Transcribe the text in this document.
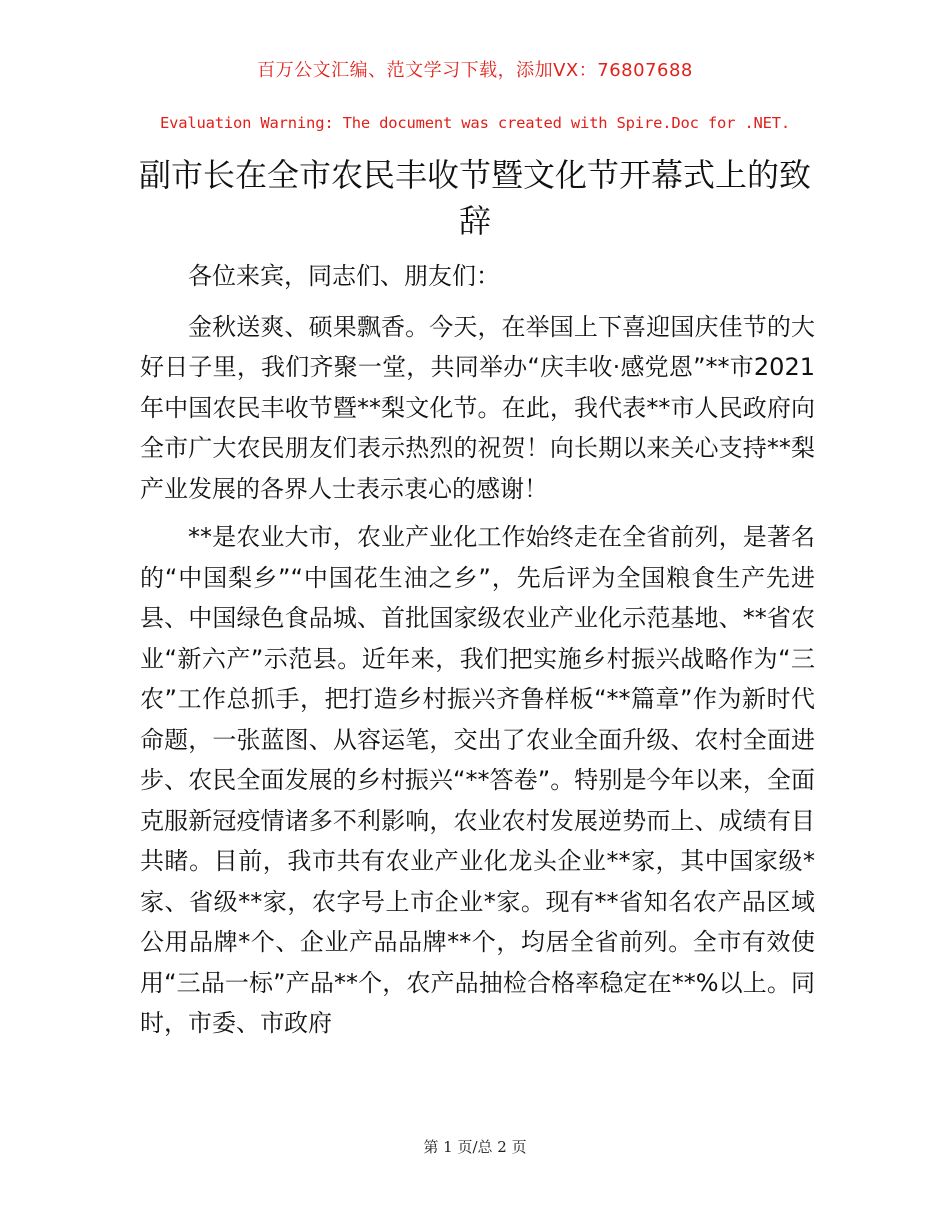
百万公文汇编、范文学习下载，添加VX：76807688
Evaluation Warning: The document was created with Spire.Doc for .NET.
副市长在全市农民丰收节暨文化节开幕式上的致辞

各位来宾，同志们、朋友们：

金秋送爽、硕果飘香。今天，在举国上下喜迎国庆佳节的大好日子里，我们齐聚一堂，共同举办“庆丰收·感党恩”**市2021年中国农民丰收节暨**梨文化节。在此，我代表**市人民政府向全市广大农民朋友们表示热烈的祝贺！向长期以来关心支持**梨产业发展的各界人士表示衷心的感谢！

**是农业大市，农业产业化工作始终走在全省前列，是著名的“中国梨乡”“中国花生油之乡”，先后评为全国粮食生产先进县、中国绿色食品城、首批国家级农业产业化示范基地、**省农业“新六产”示范县。近年来，我们把实施乡村振兴战略作为“三农”工作总抓手，把打造乡村振兴齐鲁样板“**篇章”作为新时代命题，一张蓝图、从容运笔，交出了农业全面升级、农村全面进步、农民全面发展的乡村振兴“**答卷”。特别是今年以来，全面克服新冠疫情诸多不利影响，农业农村发展逆势而上、成绩有目共睹。目前，我市共有农业产业化龙头企业**家，其中国家级*家、省级**家，农字号上市企业*家。现有**省知名农产品区域公用品牌*个、企业产品品牌**个，均居全省前列。全市有效使用“三品一标”产品**个，农产品抽检合格率稳定在**%以上。同时，市委、市政府

第 1 页/总 2 页
